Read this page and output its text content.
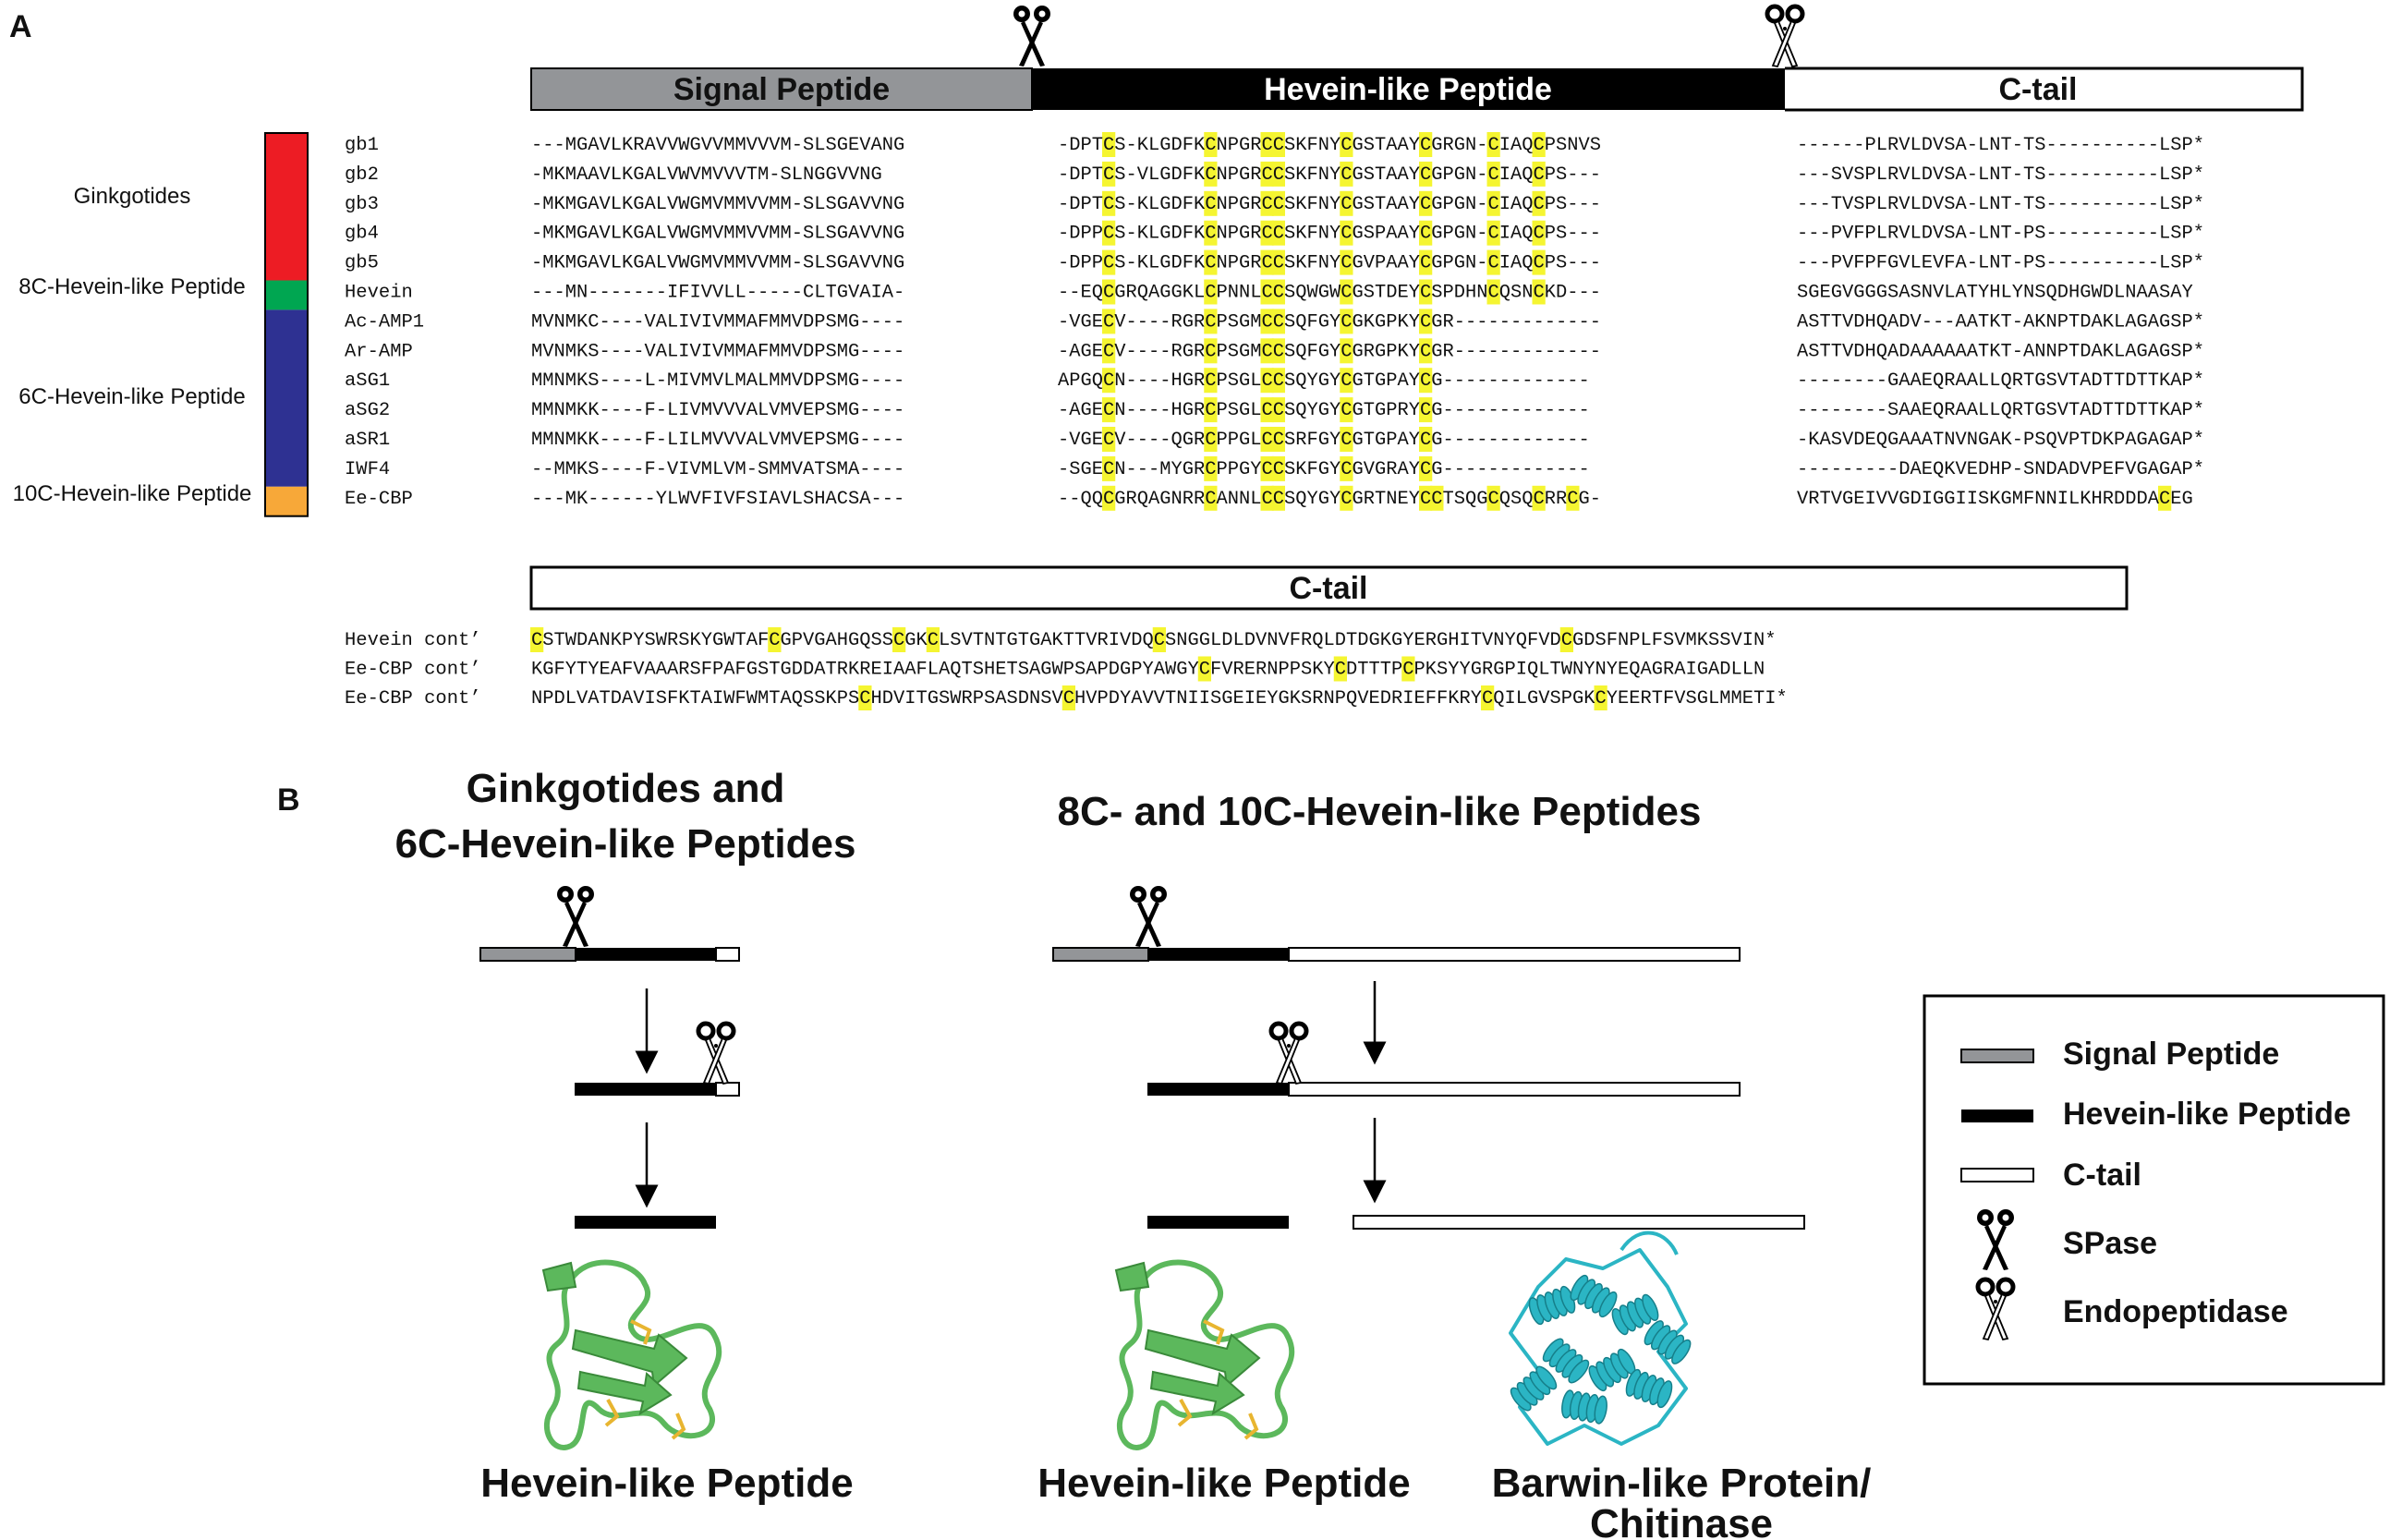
A
Signal Peptide	Hevein-like Peptide	C-tail
Ginkgotides
8C-Hevein-like Peptide
6C-Hevein-like Peptide
10C-Hevein-like Peptide
gb1	---MGAVLKRAVVWGVVMMVVVM-SLSGEVANG	-DPTCS-KLGDFKCNPGRCCSKFNYCGSTAAYCGRGN-CIAQCPSNVS	------PLRVLDVSA-LNT-TS----------LSP*
gb2	-MKMAAVLKGALVWVMVVVTM-SLNGGVVNG	-DPTCS-VLGDFKCNPGRCCSKFNYCGSTAAYCGPGN-CIAQCPS---	---SVSPLRVLDVSA-LNT-TS----------LSP*
gb3	-MKMGAVLKGALVWGMVMMVVMM-SLSGAVVNG	-DPTCS-KLGDFKCNPGRCCSKFNYCGSTAAYCGPGN-CIAQCPS---	---TVSPLRVLDVSA-LNT-TS----------LSP*
gb4	-MKMGAVLKGALVWGMVMMVVMM-SLSGAVVNG	-DPPCS-KLGDFKCNPGRCCSKFNYCGSPAAYCGPGN-CIAQCPS---	---PVFPLRVLDVSA-LNT-PS----------LSP*
gb5	-MKMGAVLKGALVWGMVMMVVMM-SLSGAVVNG	-DPPCS-KLGDFKCNPGRCCSKFNYCGVPAAYCGPGN-CIAQCPS---	---PVFPFGVLEVFA-LNT-PS----------LSP*
Hevein	---MN-------IFIVVLL-----CLTGVAIA-	--EQCGRQAGGKLCPNNLCCSQWGWCGSTDEYCSPDHNCQSNCKD---	SGEGVGGGSASNVLATYHLYNSQDHGWDLNAASAY
Ac-AMP1	MVNMKC----VALIVIVMMAFMMVDPSMG----	-VGECV----RGRCPSGMCCSQFGYCGKGPKYCGR-------------	ASTTVDHQADV---AATKT-AKNPTDAKLAGAGSP*
Ar-AMP	MVNMKS----VALIVIVMMAFMMVDPSMG----	-AGECV----RGRCPSGMCCSQFGYCGRGPKYCGR-------------	ASTTVDHQADAAAAAATKT-ANNPTDAKLAGAGSP*
aSG1	MMNMKS----L-MIVMVLMALMMVDPSMG----	APGQCN----HGRCPSGLCCSQYGYCGTGPAYCG-------------	--------GAAEQRAALLQRTGSVTADTTDTTKAP*
aSG2	MMNMKK----F-LIVMVVVALVMVEPSMG----	-AGECN----HGRCPSGLCCSQYGYCGTGPRYCG-------------	--------SAAEQRAALLQRTGSVTADTTDTTKAP*
aSR1	MMNMKK----F-LILMVVVALVMVEPSMG----	-VGECV----QGRCPPGLCCSRFGYCGTGPAYCG-------------	-KASVDEQGAAATNVNGAK-PSQVPTDKPAGAGAP*
IWF4	--MMKS----F-VIVMLVM-SMMVATSMA----	-SGECN---MYGRCPPGYCCSKFGYCGVGRAYCG-------------	---------DAEQKVEDHP-SNDADVPEFVGAGAP*
Ee-CBP	---MK------YLWVFIVFSIAVLSHACSA---	--QQCGRQAGNRRCANNLCCSQYGYCGRTNEYCCTSQGCQSQCRRCG-	VRTVGEIVVGDIGGIISKGMFNNILKHRDDDACEG
C-tail
Hevein cont’	CSTWDANKPYSWRSKYGWTAFCGPVGAHGQSSCGKCLSVTNTGTGAKTTVRIVDQCSNGGLDLDVNVFRQLDTDGKGYERGHITVNYQFVDCGDSFNPLFSVMKSSVIN*
Ee-CBP cont’	KGFYTYEAFVAAARSFPAFGSTGDDATRKREIAAFLAQTSHETSAGWPSAPDGPYAWGYCFVRERNPPSKYCDTTTPCPKSYYGRGPIQLTWNYNYEQAGRAIGADLLN
Ee-CBP cont’	NPDLVATDAVISFKTAIWFWMTAQSSKPSCHDVITGSWRPSASDNSVCHVPDYAVVTNIISGEIEYGKSRNPQVEDRIEFFKRYCQILGVSPGKCYEERTFVSGLMMETI*
B	Ginkgotides and
6C-Hevein-like Peptides
8C- and 10C-Hevein-like Peptides
Hevein-like Peptide	Hevein-like Peptide Barwin-like Protein/
Chitinase
Signal Peptide
Hevein-like Peptide
C-tail
SPase
Endopeptidase
